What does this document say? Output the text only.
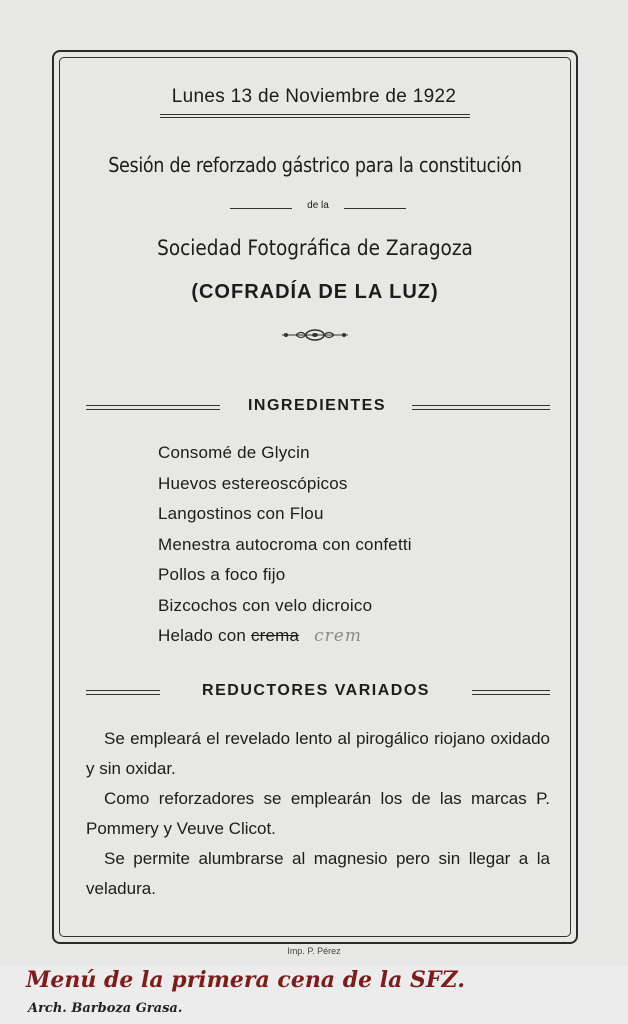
Lunes 13 de Noviembre de 1922
Sesión de reforzado gástrico para la constitución
de la
Sociedad Fotográfica de Zaragoza
(COFRADÍA DE LA LUZ)
INGREDIENTES
Consomé de Glycin
Huevos estereoscópicos
Langostinos con Flou
Menestra autocroma con confetti
Pollos a foco fijo
Bizcochos con velo dicroico
Helado con crema crem
REDUCTORES VARIADOS

Se empleará el revelado lento al pirogálico riojano oxidado y sin oxidar.

Como reforzadores se emplearán los de las marcas P. Pommery y Veuve Clicot.

Se permite alumbrarse al magnesio pero sin llegar a la veladura.

Imp. P. Pérez
Menú de la primera cena de la SFZ.
Arch. Barboza Grasa.
